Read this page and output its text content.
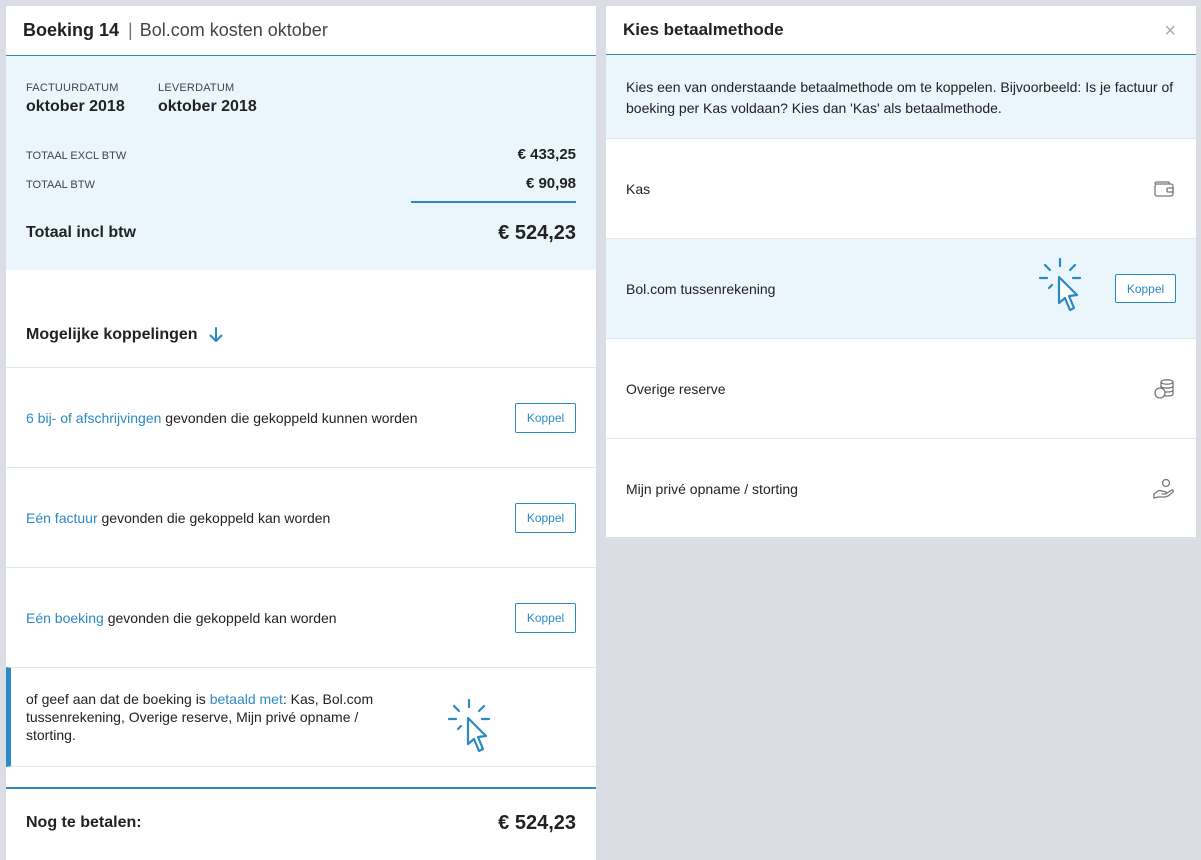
Boeking 14 | Bol.com kosten oktober
FACTUURDATUM
oktober 2018
LEVERDATUM
oktober 2018
TOTAAL EXCL BTW	€ 433,25
TOTAAL BTW	€ 90,98
Totaal incl btw	€ 524,23
Mogelijke koppelingen
6 bij- of afschrijvingen gevonden die gekoppeld kunnen worden	Koppel
Eén factuur gevonden die gekoppeld kan worden	Koppel
Eén boeking gevonden die gekoppeld kan worden	Koppel
of geef aan dat de boeking is betaald met: Kas, Bol.com tussenrekening, Overige reserve, Mijn privé opname / storting.
Nog te betalen:	€ 524,23
Kies betaalmethode	×
Kies een van onderstaande betaalmethode om te koppelen. Bijvoorbeeld: Is je factuur of boeking per Kas voldaan? Kies dan 'Kas' als betaalmethode.
Kas
Bol.com tussenrekening	Koppel
Overige reserve
Mijn privé opname / storting
